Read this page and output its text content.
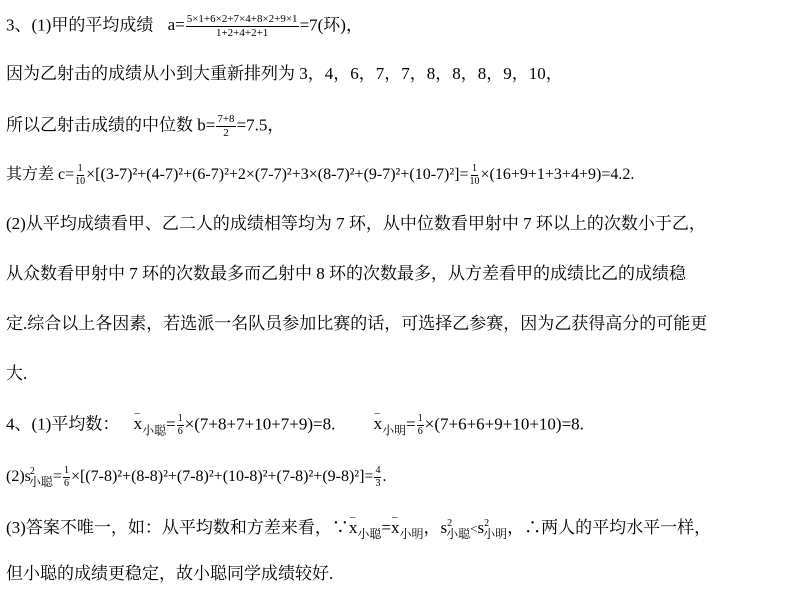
3、(1)甲的平均成绩 $a= \frac{5\times 1+6\times 2+7\times 4+8\times 2+9\times 1}{1+2+4+2+1} =7$(环)，
因为乙射击的成绩从小到大重新排列为 3，4，6，7，7，8，8，8，9，10，
所以乙射击成绩的中位数 $b= \frac{7+8}{2} =7.5$，
其方差 $c= \frac{1}{10} \times[(3-7)^2+(4-7)^2+(6-7)^2+2\times(7-7)^2+3\times(8-7)^2+(9-7)^2+(10-7)^2]= \frac{1}{10} \times(16+9+1+3+4+9)=4.2$.
(2)从平均成绩看甲、乙二人的成绩相等均为 7 环，从中位数看甲射中 7 环以上的次数小于乙，
从众数看甲射中 7 环的次数最多而乙射中 8 环的次数最多，从方差看甲的成绩比乙的成绩稳
定.综合以上各因素，若选派一名队员参加比赛的话，可选择乙参赛，因为乙获得高分的可能更
大.
4、(1)平均数： – $x_{小聪}= \frac{1}{6} \times(7+8+7+10+7+9)=8$. – $x_{小明}= \frac{1}{6} \times(7+6+6+9+10+10)=8$.
$(2)s^2_{小聪}= \frac{1}{6} \times[(7-8)^2+(8-8)^2+(7-8)^2+(10-8)^2+(7-8)^2+(9-8)^2]= \frac{4}{3}$ .
(3)答案不唯一，如：从平均数和方差来看，∵– $x_{小聪}=-$ $x_{小明}$，$s^2_{小聪}<s^2_{小明}$，∴两人的平均水平一样，
但小聪的成绩更稳定，故小聪同学成绩较好.
